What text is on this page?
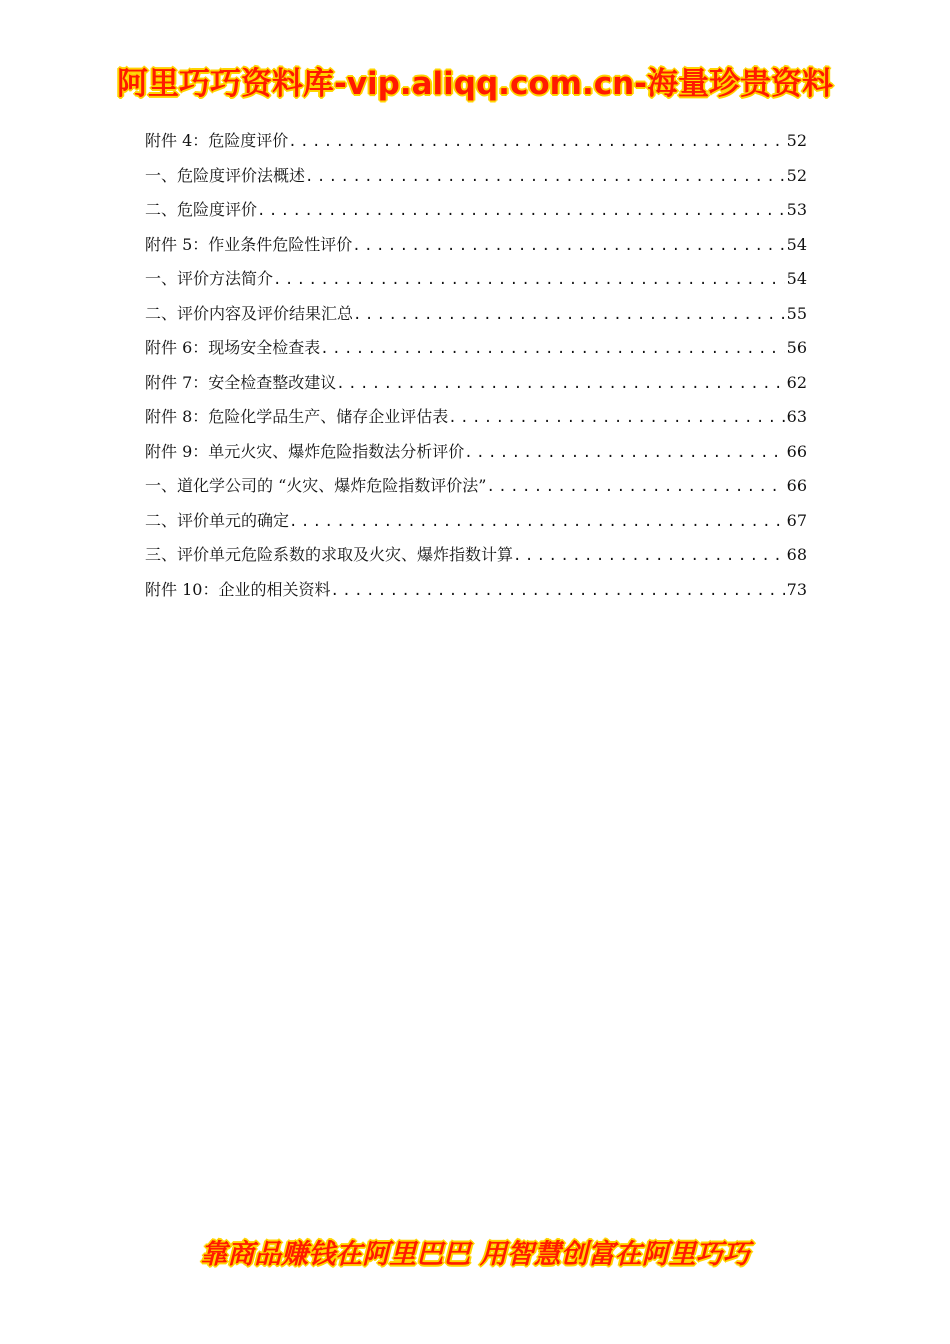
阿里巧巧资料库-vip.aliqq.com.cn-海量珍贵资料
附件 4：危险度评价 .....	52
一、危险度评价法概述 .....	52
二、危险度评价 .....	53
附件 5：作业条件危险性评价 .....	54
一、评价方法简介 .....	54
二、评价内容及评价结果汇总 .....	55
附件 6：现场安全检查表 .....	56
附件 7：安全检查整改建议 .....	62
附件 8：危险化学品生产、储存企业评估表 .....	63
附件 9：单元火灾、爆炸危险指数法分析评价 .....	66
一、道化学公司的 “火灾、爆炸危险指数评价法” .....	66
二、评价单元的确定 .....	67
三、评价单元危险系数的求取及火灾、爆炸指数计算 .....	68
附件 10：企业的相关资料 .....	73
靠商品赚钱在阿里巴巴 用智慧创富在阿里巧巧
